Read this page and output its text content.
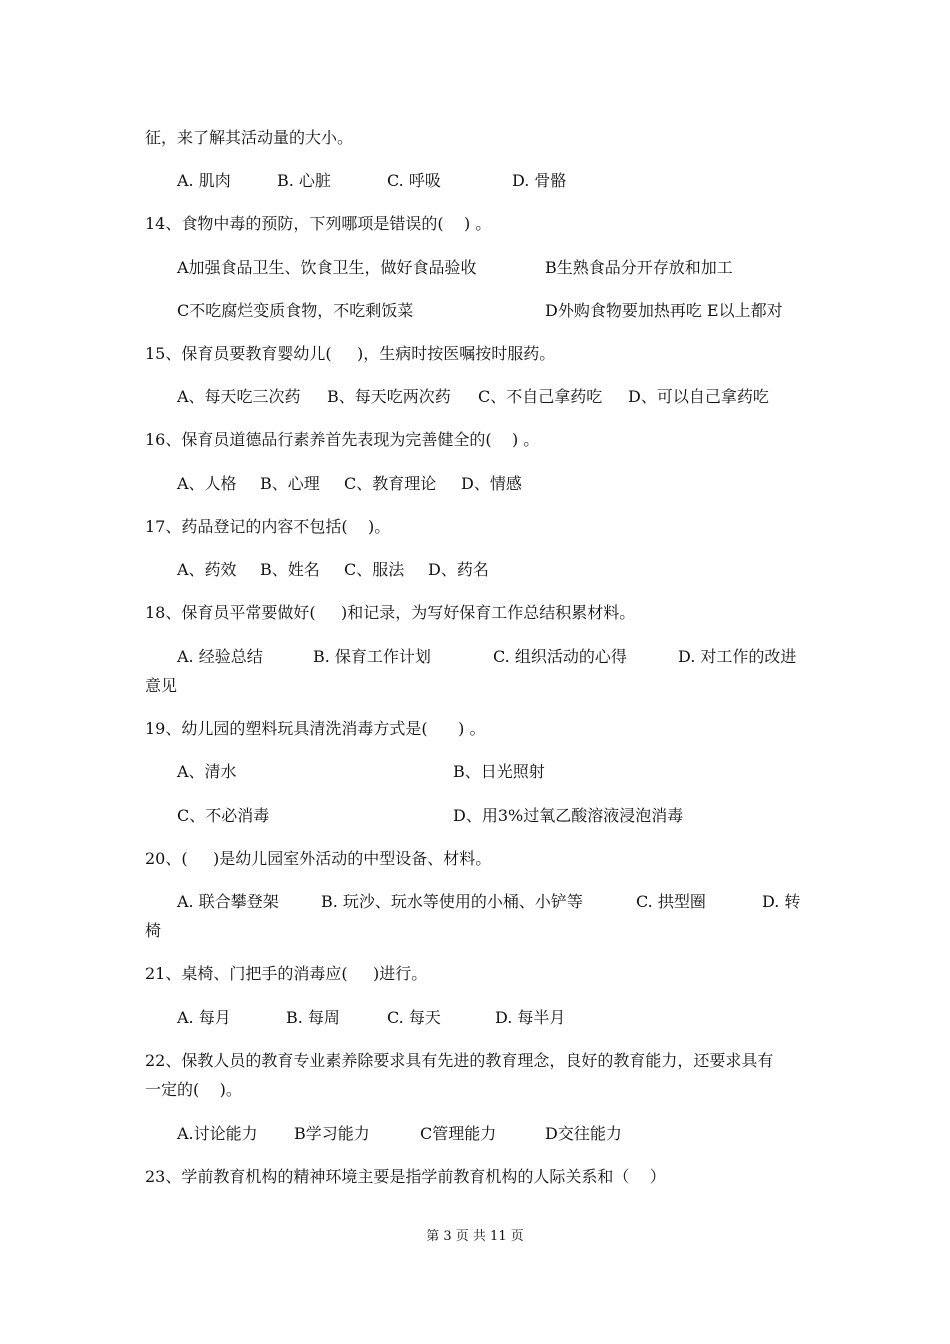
征，来了解其活动量的大小。
A. 肌肉	B. 心脏	C. 呼吸	D. 骨骼
14、食物中毒的预防，下列哪项是错误的(    ) 。
A加强食品卫生、饮食卫生，做好食品验收	B生熟食品分开存放和加工
C不吃腐烂变质食物，不吃剩饭菜	D外购食物要加热再吃 E以上都对
15、保育员要教育婴幼儿(     )，生病时按医嘱按时服药。
A、每天吃三次药 B、每天吃两次药 C、不自己拿药吃 D、可以自己拿药吃
16、保育员道德品行素养首先表现为完善健全的(    ) 。
A、人格 B、心理 C、教育理论 D、情感
17、药品登记的内容不包括(    )。
A、药效 B、姓名 C、服法 D、药名
18、保育员平常要做好(     )和记录，为写好保育工作总结积累材料。
A. 经验总结	B. 保育工作计划	C. 组织活动的心得	D. 对工作的改进
意见
19、幼儿园的塑料玩具清洗消毒方式是(      ) 。
A、清水	B、日光照射
C、不必消毒	D、用3%过氧乙酸溶液浸泡消毒
20、(     )是幼儿园室外活动的中型设备、材料。
A. 联合攀登架	B. 玩沙、玩水等使用的小桶、小铲等	C. 拱型圈	D. 转
椅
21、桌椅、门把手的消毒应(     )进行。
A. 每月	B. 每周	C. 每天	D. 每半月
22、保教人员的教育专业素养除要求具有先进的教育理念，良好的教育能力，还要求具有
一定的(    )。
A.讨论能力 B学习能力	C管理能力	D交往能力
23、学前教育机构的精神环境主要是指学前教育机构的人际关系和（    ）
第 3 页 共 11 页
